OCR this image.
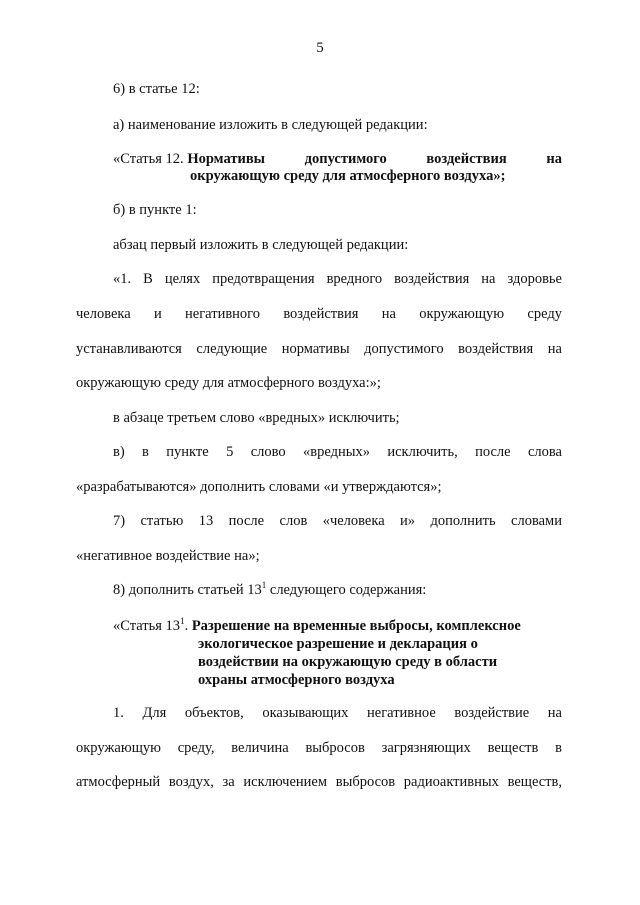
5
6) в статье 12:
а) наименование изложить в следующей редакции:
«Статья 12. Нормативы	допустимого	воздействия	на
окружающую среду для атмосферного воздуха»;
б) в пункте 1:
абзац первый изложить в следующей редакции:
«1. В целях предотвращения вредного воздействия на здоровье
человека и негативного воздействия на окружающую среду
устанавливаются следующие нормативы допустимого воздействия на
окружающую среду для атмосферного воздуха:»;
в абзаце третьем слово «вредных» исключить;
в) в пункте 5 слово «вредных» исключить, после слова
«разрабатываются» дополнить словами «и утверждаются»;
7) статью 13 после слов «человека и» дополнить словами
«негативное воздействие на»;
8) дополнить статьей $13^1$ следующего содержания:
«Статья $13^1$. Разрешение на временные выбросы, комплексное
экологическое разрешение и декларация о
воздействии на окружающую среду в области
охраны атмосферного воздуха
1. Для объектов, оказывающих негативное воздействие на
окружающую среду, величина выбросов загрязняющих веществ в
атмосферный воздух, за исключением выбросов радиоактивных веществ,
